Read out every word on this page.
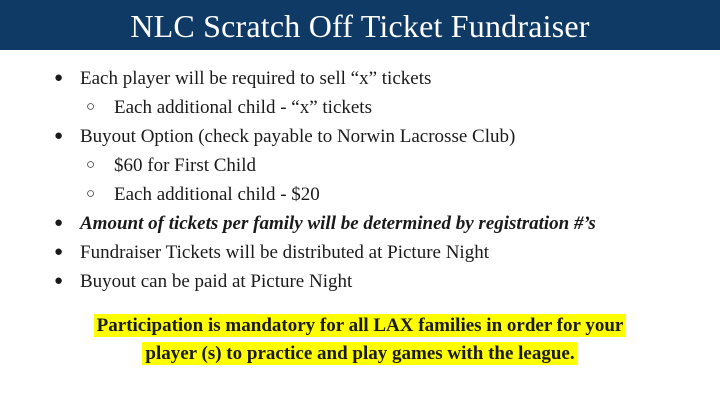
NLC Scratch Off Ticket Fundraiser
● Each player will be required to sell “x” tickets
○ Each additional child - “x” tickets
● Buyout Option (check payable to Norwin Lacrosse Club)
○ $60 for First Child
○ Each additional child - $20
● Amount of tickets per family will be determined by registration #’s
● Fundraiser Tickets will be distributed at Picture Night
● Buyout can be paid at Picture Night
Participation is mandatory for all LAX families in order for your
player (s) to practice and play games with the league.
